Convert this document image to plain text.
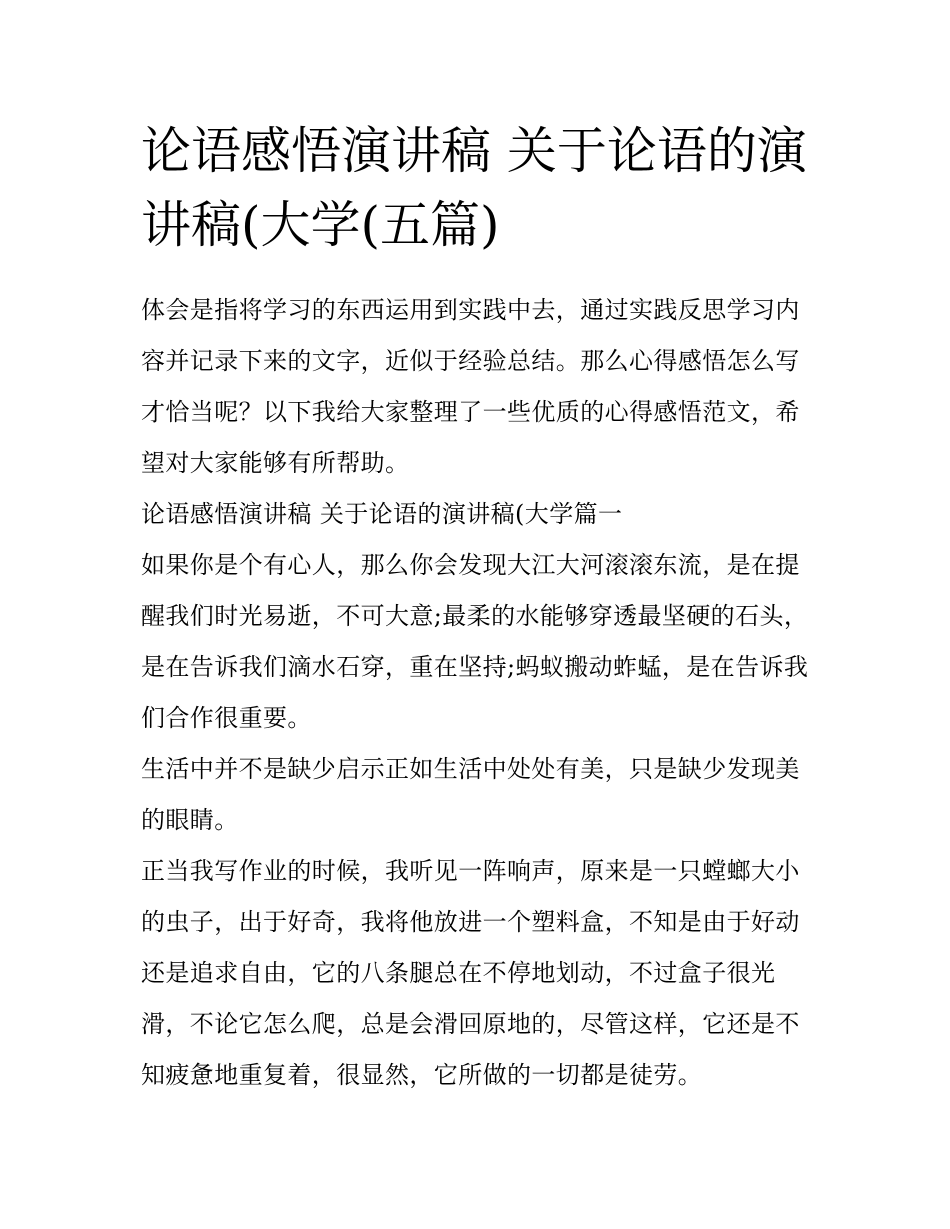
论语感悟演讲稿 关于论语的演讲稿(大学(五篇)

体会是指将学习的东西运用到实践中去，通过实践反思学习内容并记录下来的文字，近似于经验总结。那么心得感悟怎么写才恰当呢？以下我给大家整理了一些优质的心得感悟范文，希望对大家能够有所帮助。

论语感悟演讲稿 关于论语的演讲稿(大学篇一

如果你是个有心人，那么你会发现大江大河滚滚东流，是在提醒我们时光易逝，不可大意;最柔的水能够穿透最坚硬的石头，是在告诉我们滴水石穿，重在坚持;蚂蚁搬动蚱蜢，是在告诉我们合作很重要。

生活中并不是缺少启示正如生活中处处有美，只是缺少发现美的眼睛。

正当我写作业的时候，我听见一阵响声，原来是一只螳螂大小的虫子，出于好奇，我将他放进一个塑料盒，不知是由于好动还是追求自由，它的八条腿总在不停地划动，不过盒子很光滑，不论它怎么爬，总是会滑回原地的，尽管这样，它还是不知疲惫地重复着，很显然，它所做的一切都是徒劳。
